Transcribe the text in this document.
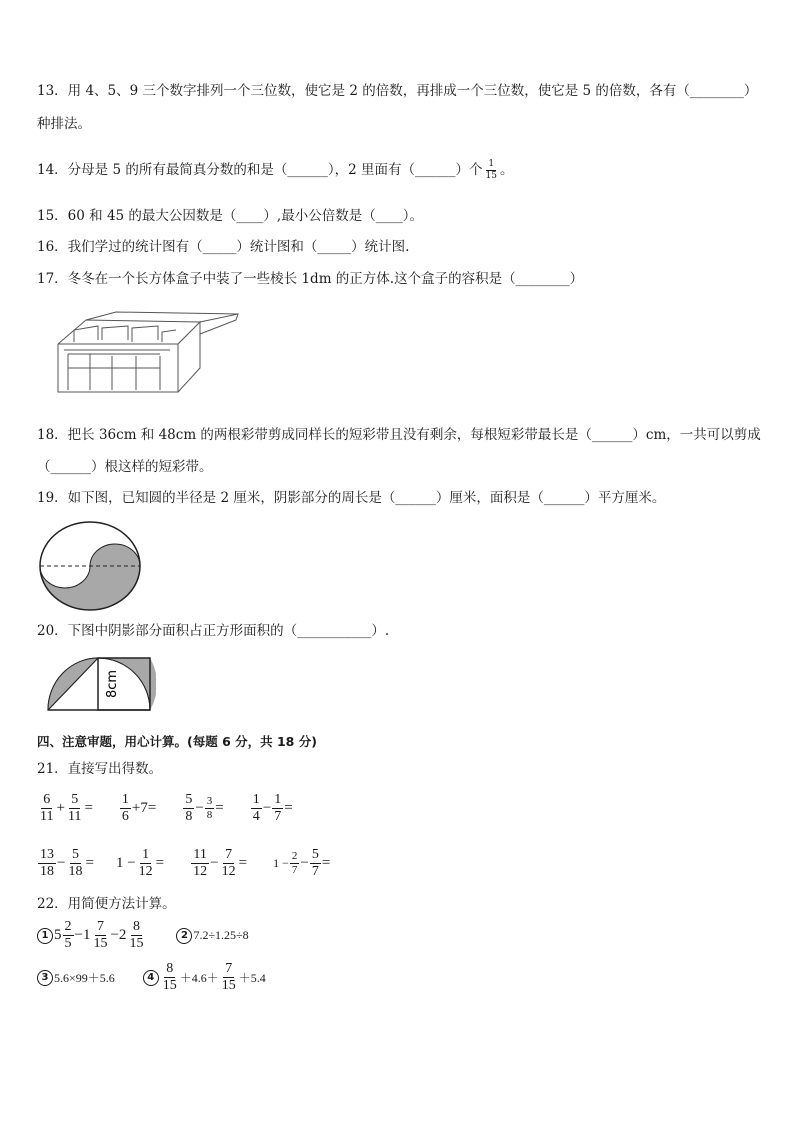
13．用 4、5、9 三个数字排列一个三位数，使它是 2 的倍数，再排成一个三位数，使它是 5 的倍数，各有（________）
种排法。
14．分母是 5 的所有最简真分数的和是（______），2 里面有（______）个 $\frac{1}{15}$ 。
15．60 和 45 的最大公因数是（____）,最小公倍数是（____）。
16．我们学过的统计图有（_____）统计图和（_____）统计图.
17．冬冬在一个长方体盒子中装了一些棱长 1dm 的正方体.这个盒子的容积是（________）
18．把长 36cm 和 48cm 的两根彩带剪成同样长的短彩带且没有剩余，每根短彩带最长是（______）cm，一共可以剪成
（______）根这样的短彩带。
19．如下图，已知圆的半径是 2 厘米，阴影部分的周长是（______）厘米，面积是（______）平方厘米。
20．下图中阴影部分面积占正方形面积的（___________）.
8cm
四、注意审题，用心计算。(每题 6 分，共 18 分)
21．直接写出得数。
$\frac{6}{11} + \frac{5}{11} = \frac{1}{6} +7= \frac{5}{8} - \frac{3}{8} = \frac{1}{4} - \frac{1}{7}$ =
$\frac{13}{18} - \frac{5}{18} = 1 - \frac{1}{12} = \frac{11}{12} - \frac{7}{12} = 1 - \frac{2}{7} - \frac{5}{7}$ =
22．用简便方法计算。
1 $5 \frac{2}{5} -1 \frac{7}{15} -2 \frac{8}{15}$	2 7.2÷1.25÷8
3 5.6×99＋5.6	$4 \frac{8}{15} +4.6+ \frac{7}{15} +5.4$
